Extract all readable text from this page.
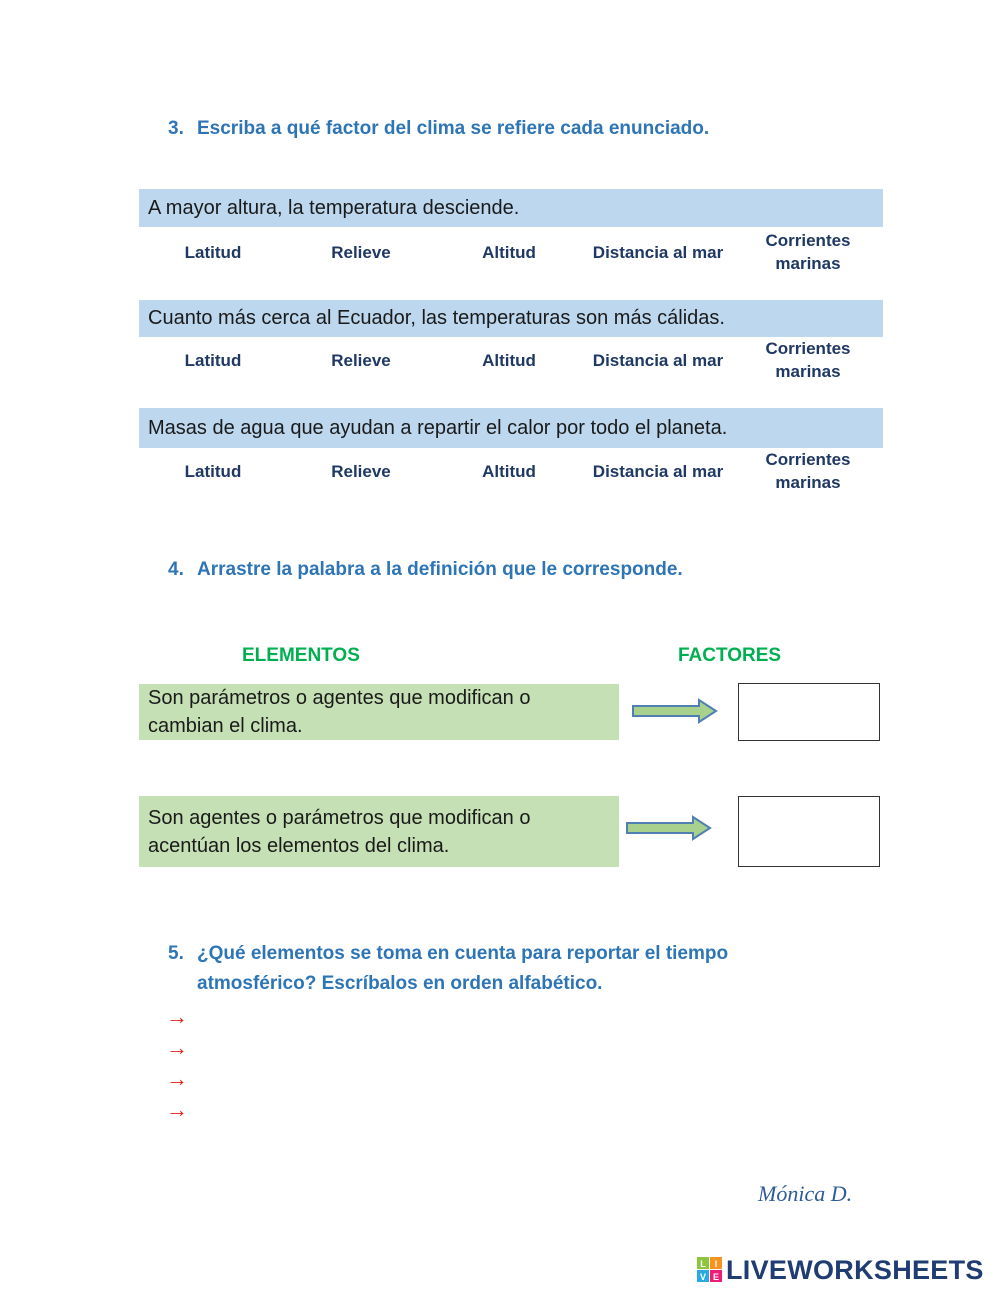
3. Escriba a qué factor del clima se refiere cada enunciado.
A mayor altura, la temperatura desciende.
Latitud	Relieve	Altitud	Distancia al mar
Corrientes marinas
Cuanto más cerca al Ecuador, las temperaturas son más cálidas.
Latitud	Relieve	Altitud	Distancia al mar
Corrientes marinas
Masas de agua que ayudan a repartir el calor por todo el planeta.
Latitud	Relieve	Altitud	Distancia al mar
Corrientes marinas
4. Arrastre la palabra a la definición que le corresponde.
ELEMENTOS	FACTORES
Son parámetros o agentes que modifican o cambian el clima.
Son agentes o parámetros que modifican o acentúan los elementos del clima.
5. ¿Qué elementos se toma en cuenta para reportar el tiempo
atmosférico? Escríbalos en orden alfabético.
→
→
→
→
Mónica D.
L I
V E LIVEWORKSHEETS
